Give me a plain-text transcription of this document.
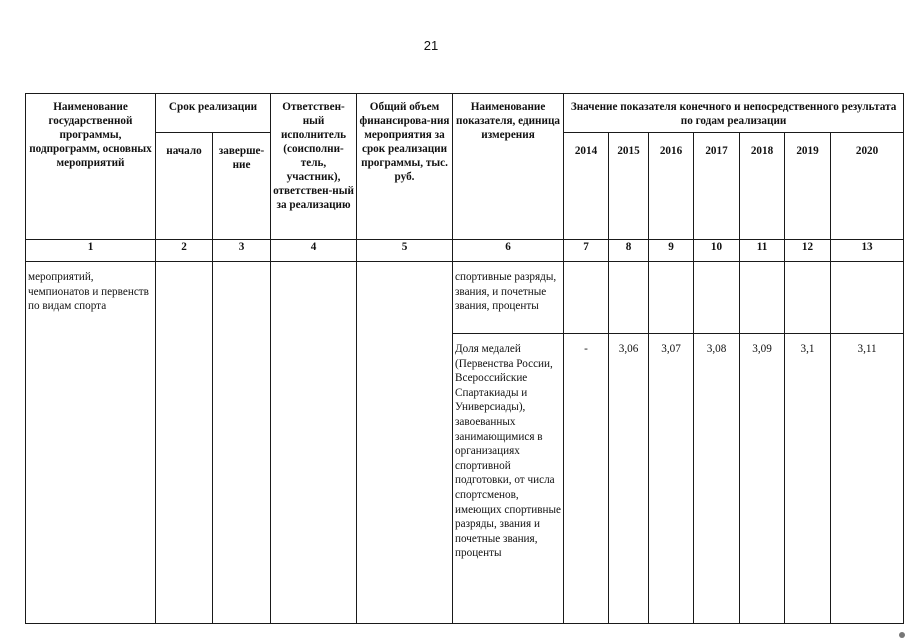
21
Наименование государственной программы, подпрограмм, основных мероприятий	Срок реализации		Ответствен-ный исполнитель (соисполни-тель, участник), ответствен-ный за реализацию	Общий объем финансирова-ния мероприятия за срок реализации программы, тыс. руб.	Наименование показателя, единица измерения	Значение показателя конечного и непосредственного результата по годам реализации						
	начало	заверше-ние				2014	2015	2016	2017	2018	2019	2020
1	2	3	4	5	6	7	8	9	10	11	12	13
мероприятий, чемпионатов и первенств по видам спорта					спортивные разряды, звания, и почетные звания, проценты							
					Доля медалей (Первенства России, Всероссийские Спартакиады и Универсиады), завоеванных занимающимися в организациях спортивной подготовки, от числа спортсменов, имеющих спортивные разряды, звания и почетные звания, проценты	-	3,06	3,07	3,08	3,09	3,1	3,11
